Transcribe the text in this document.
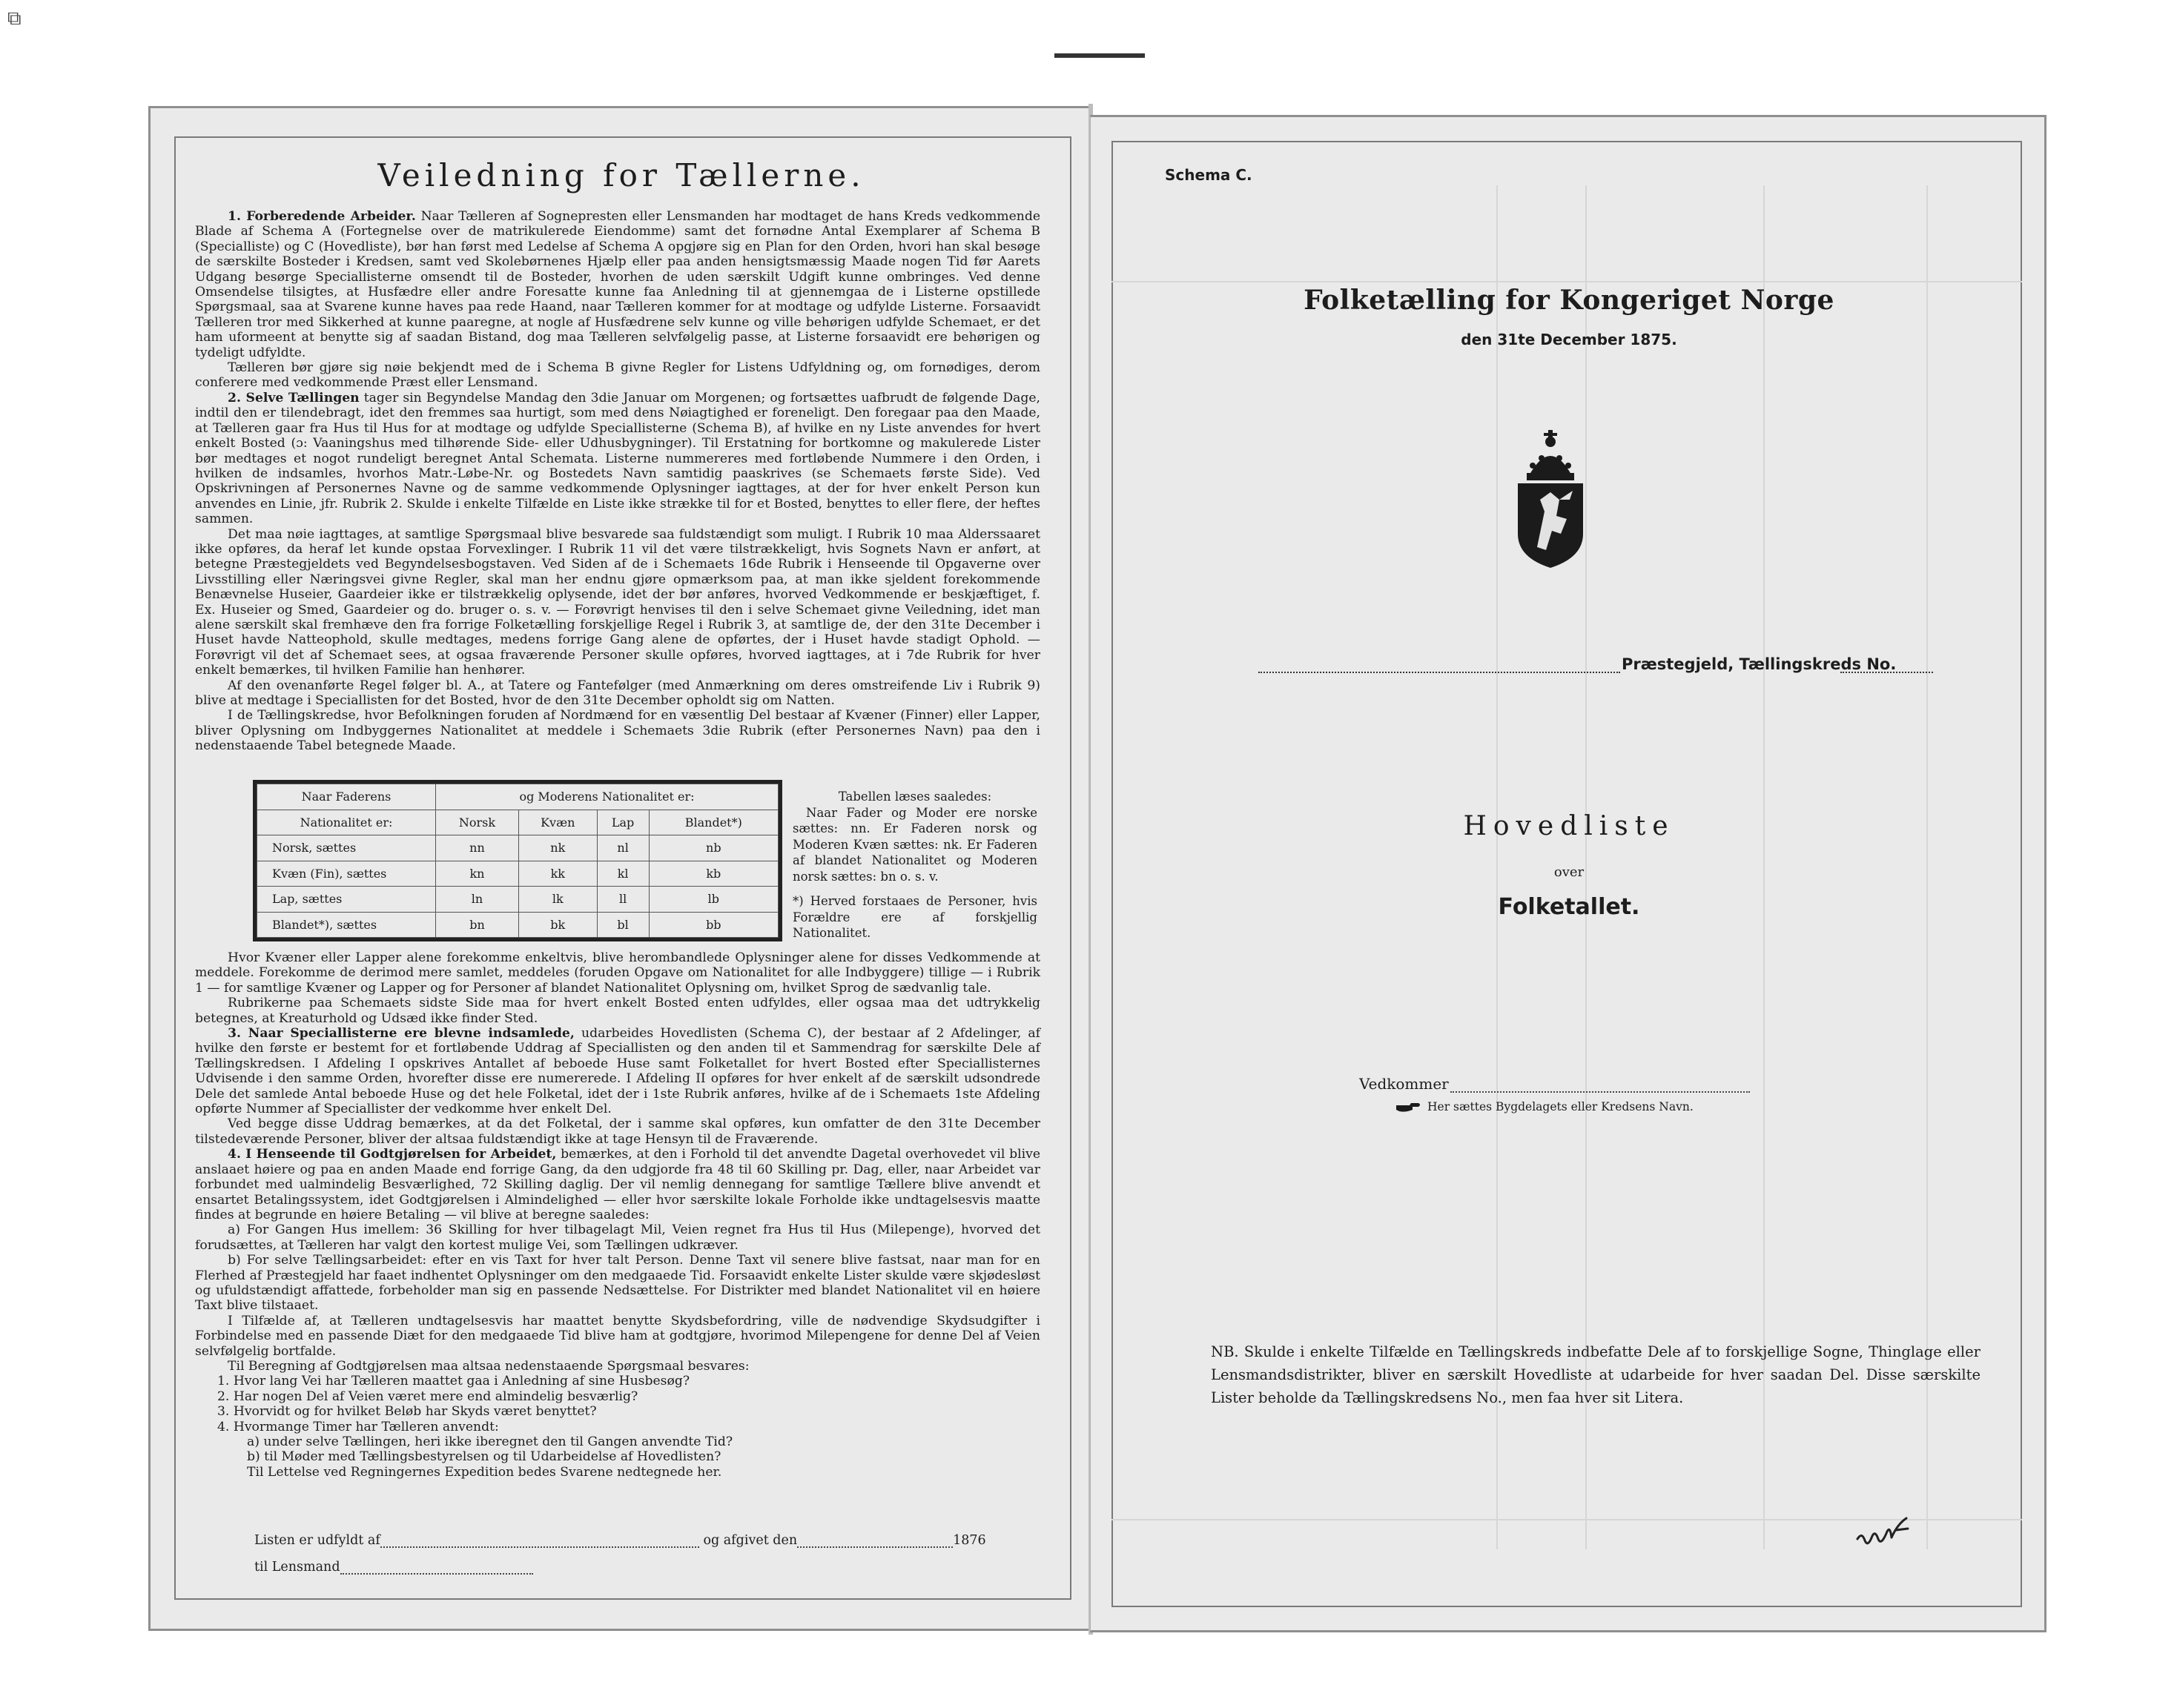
⧉
Veiledning for Tællerne.

1. Forberedende Arbeider. Naar Tælleren af Sognepresten eller Lensmanden har modtaget de hans Kreds vedkommende Blade af Schema A (Fortegnelse over de matrikulerede Eiendomme) samt det fornødne Antal Exemplarer af Schema B (Specialliste) og C (Hovedliste), bør han først med Ledelse af Schema A opgjøre sig en Plan for den Orden, hvori han skal besøge de særskilte Bosteder i Kredsen, samt ved Skolebørnenes Hjælp eller paa anden hensigtsmæssig Maade nogen Tid før Aarets Udgang besørge Speciallisterne omsendt til de Bosteder, hvorhen de uden særskilt Udgift kunne ombringes. Ved denne Omsendelse tilsigtes, at Husfædre eller andre Foresatte kunne faa Anledning til at gjennemgaa de i Listerne opstillede Spørgsmaal, saa at Svarene kunne haves paa rede Haand, naar Tælleren kommer for at modtage og udfylde Listerne. Forsaavidt Tælleren tror med Sikkerhed at kunne paaregne, at nogle af Husfædrene selv kunne og ville behørigen udfylde Schemaet, er det ham uformeent at benytte sig af saadan Bistand, dog maa Tælleren selvfølgelig passe, at Listerne forsaavidt ere behørigen og tydeligt udfyldte.

Tælleren bør gjøre sig nøie bekjendt med de i Schema B givne Regler for Listens Udfyldning og, om fornødiges, derom conferere med vedkommende Præst eller Lensmand.

2. Selve Tællingen tager sin Begyndelse Mandag den 3die Januar om Morgenen; og fortsættes uafbrudt de følgende Dage, indtil den er tilendebragt, idet den fremmes saa hurtigt, som med dens Nøiagtighed er foreneligt. Den foregaar paa den Maade, at Tælleren gaar fra Hus til Hus for at modtage og udfylde Speciallisterne (Schema B), af hvilke en ny Liste anvendes for hvert enkelt Bosted (ɔ: Vaaningshus med tilhørende Side- eller Udhusbygninger). Til Erstatning for bortkomne og makulerede Lister bør medtages et nogot rundeligt beregnet Antal Schemata. Listerne nummereres med fortløbende Nummere i den Orden, i hvilken de indsamles, hvorhos Matr.-Løbe-Nr. og Bostedets Navn samtidig paaskrives (se Schemaets første Side). Ved Opskrivningen af Personernes Navne og de samme vedkommende Oplysninger iagttages, at der for hver enkelt Person kun anvendes en Linie, jfr. Rubrik 2. Skulde i enkelte Tilfælde en Liste ikke strække til for et Bosted, benyttes to eller flere, der heftes sammen.

Det maa nøie iagttages, at samtlige Spørgsmaal blive besvarede saa fuldstændigt som muligt. I Rubrik 10 maa Alderssaaret ikke opføres, da heraf let kunde opstaa Forvexlinger. I Rubrik 11 vil det være tilstrækkeligt, hvis Sognets Navn er anført, at betegne Præstegjeldets ved Begyndelsesbogstaven. Ved Siden af de i Schemaets 16de Rubrik i Henseende til Opgaverne over Livsstilling eller Næringsvei givne Regler, skal man her endnu gjøre opmærksom paa, at man ikke sjeldent forekommende Benævnelse Huseier, Gaardeier ikke er tilstrækkelig oplysende, idet der bør anføres, hvorved Vedkommende er beskjæftiget, f. Ex. Huseier og Smed, Gaardeier og do. bruger o. s. v. — Forøvrigt henvises til den i selve Schemaet givne Veiledning, idet man alene særskilt skal fremhæve den fra forrige Folketælling forskjellige Regel i Rubrik 3, at samtlige de, der den 31te December i Huset havde Natteophold, skulle medtages, medens forrige Gang alene de opførtes, der i Huset havde stadigt Ophold. — Forøvrigt vil det af Schemaet sees, at ogsaa fraværende Personer skulle opføres, hvorved iagttages, at i 7de Rubrik for hver enkelt bemærkes, til hvilken Familie han henhører.

Af den ovenanførte Regel følger bl. A., at Tatere og Fantefølger (med Anmærkning om deres omstreifende Liv i Rubrik 9) blive at medtage i Speciallisten for det Bosted, hvor de den 31te December opholdt sig om Natten.

I de Tællingskredse, hvor Befolkningen foruden af Nordmænd for en væsentlig Del bestaar af Kvæner (Finner) eller Lapper, bliver Oplysning om Indbyggernes Nationalitet at meddele i Schemaets 3die Rubrik (efter Personernes Navn) paa den i nedenstaaende Tabel betegnede Maade.

Naar Faderens	og Moderens Nationalitet er:			
Nationalitet er:	Norsk	Kvæn	Lap	Blandet*)
Norsk, sættes	nn	nk	nl	nb
Kvæn (Fin), sættes	kn	kk	kl	kb
Lap, sættes	ln	lk	ll	lb
Blandet*), sættes	bn	bk	bl	bb

Tabellen læses saaledes:

Naar Fader og Moder ere norske sættes: nn. Er Faderen norsk og Moderen Kvæn sættes: nk. Er Faderen af blandet Nationalitet og Moderen norsk sættes: bn o. s. v.

*) Herved forstaaes de Personer, hvis Forældre ere af forskjellig Nationalitet.

Hvor Kvæner eller Lapper alene forekomme enkeltvis, blive herombandlede Oplysninger alene for disses Vedkommende at meddele. Forekomme de derimod mere samlet, meddeles (foruden Opgave om Nationalitet for alle Indbyggere) tillige — i Rubrik 1 — for samtlige Kvæner og Lapper og for Personer af blandet Nationalitet Oplysning om, hvilket Sprog de sædvanlig tale.

Rubrikerne paa Schemaets sidste Side maa for hvert enkelt Bosted enten udfyldes, eller ogsaa maa det udtrykkelig betegnes, at Kreaturhold og Udsæd ikke finder Sted.

3. Naar Speciallisterne ere blevne indsamlede, udarbeides Hovedlisten (Schema C), der bestaar af 2 Afdelinger, af hvilke den første er bestemt for et fortløbende Uddrag af Speciallisten og den anden til et Sammendrag for særskilte Dele af Tællingskredsen. I Afdeling I opskrives Antallet af beboede Huse samt Folketallet for hvert Bosted efter Speciallisternes Udvisende i den samme Orden, hvorefter disse ere numererede. I Afdeling II opføres for hver enkelt af de særskilt udsondrede Dele det samlede Antal beboede Huse og det hele Folketal, idet der i 1ste Rubrik anføres, hvilke af de i Schemaets 1ste Afdeling opførte Nummer af Speciallister der vedkomme hver enkelt Del.

Ved begge disse Uddrag bemærkes, at da det Folketal, der i samme skal opføres, kun omfatter de den 31te December tilstedeværende Personer, bliver der altsaa fuldstændigt ikke at tage Hensyn til de Fraværende.

4. I Henseende til Godtgjørelsen for Arbeidet, bemærkes, at den i Forhold til det anvendte Dagetal overhovedet vil blive anslaaet høiere og paa en anden Maade end forrige Gang, da den udgjorde fra 48 til 60 Skilling pr. Dag, eller, naar Arbeidet var forbundet med ualmindelig Besværlighed, 72 Skilling daglig. Der vil nemlig dennegang for samtlige Tællere blive anvendt et ensartet Betalingssystem, idet Godtgjørelsen i Almindelighed — eller hvor særskilte lokale Forholde ikke undtagelsesvis maatte findes at begrunde en høiere Betaling — vil blive at beregne saaledes:

a) For Gangen Hus imellem: 36 Skilling for hver tilbagelagt Mil, Veien regnet fra Hus til Hus (Milepenge), hvorved det forudsættes, at Tælleren har valgt den kortest mulige Vei, som Tællingen udkræver.

b) For selve Tællingsarbeidet: efter en vis Taxt for hver talt Person. Denne Taxt vil senere blive fastsat, naar man for en Flerhed af Præstegjeld har faaet indhentet Oplysninger om den medgaaede Tid. Forsaavidt enkelte Lister skulde være skjødesløst og ufuldstændigt affattede, forbeholder man sig en passende Nedsættelse. For Distrikter med blandet Nationalitet vil en høiere Taxt blive tilstaaet.

I Tilfælde af, at Tælleren undtagelsesvis har maattet benytte Skydsbefordring, ville de nødvendige Skydsudgifter i Forbindelse med en passende Diæt for den medgaaede Tid blive ham at godtgjøre, hvorimod Milepengene for denne Del af Veien selvfølgelig bortfalde.

Til Beregning af Godtgjørelsen maa altsaa nedenstaaende Spørgsmaal besvares:

1. Hvor lang Vei har Tælleren maattet gaa i Anledning af sine Husbesøg?

2. Har nogen Del af Veien været mere end almindelig besværlig?

3. Hvorvidt og for hvilket Beløb har Skyds været benyttet?

4. Hvormange Timer har Tælleren anvendt:

a) under selve Tællingen, heri ikke iberegnet den til Gangen anvendte Tid?

b) til Møder med Tællingsbestyrelsen og til Udarbeidelse af Hovedlisten?

Til Lettelse ved Regningernes Expedition bedes Svarene nedtegnede her.

Listen er udfyldt af	og afgivet den	1876
til Lensmand
Schema C.
Folketælling for Kongeriget Norge
den 31te December 1875.
Præstegjeld, Tællingskreds No.
Hovedliste
over
Folketallet.
Vedkommer
Her sættes Bygdelagets eller Kredsens Navn.
NB. Skulde i enkelte Tilfælde en Tællingskreds indbefatte Dele af to forskjellige Sogne, Thinglage eller Lensmandsdistrikter, bliver en særskilt Hovedliste at udarbeide for hver saadan Del. Disse særskilte Lister beholde da Tællingskredsens No., men faa hver sit Litera.
